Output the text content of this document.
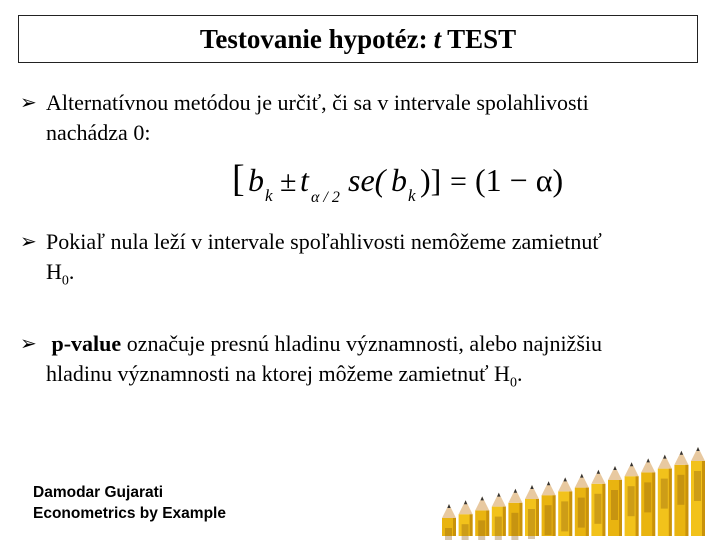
Testovanie hypotéz: t TEST
➢ Alternatívnou metódou je určiť, či sa v intervale spolahlivosti
nachádza 0:
[ b k ± t α / 2 se( b k )] = (1 − α)
➢ Pokiaľ nula leží v intervale spoľahlivosti nemôžeme zamietnuť
$H_0$.
➢ p-value označuje presnú hladinu významnosti, alebo najnižšiu
hladinu významnosti na ktorej môžeme zamietnuť $H_0$.
Damodar Gujarati
Econometrics by Example
